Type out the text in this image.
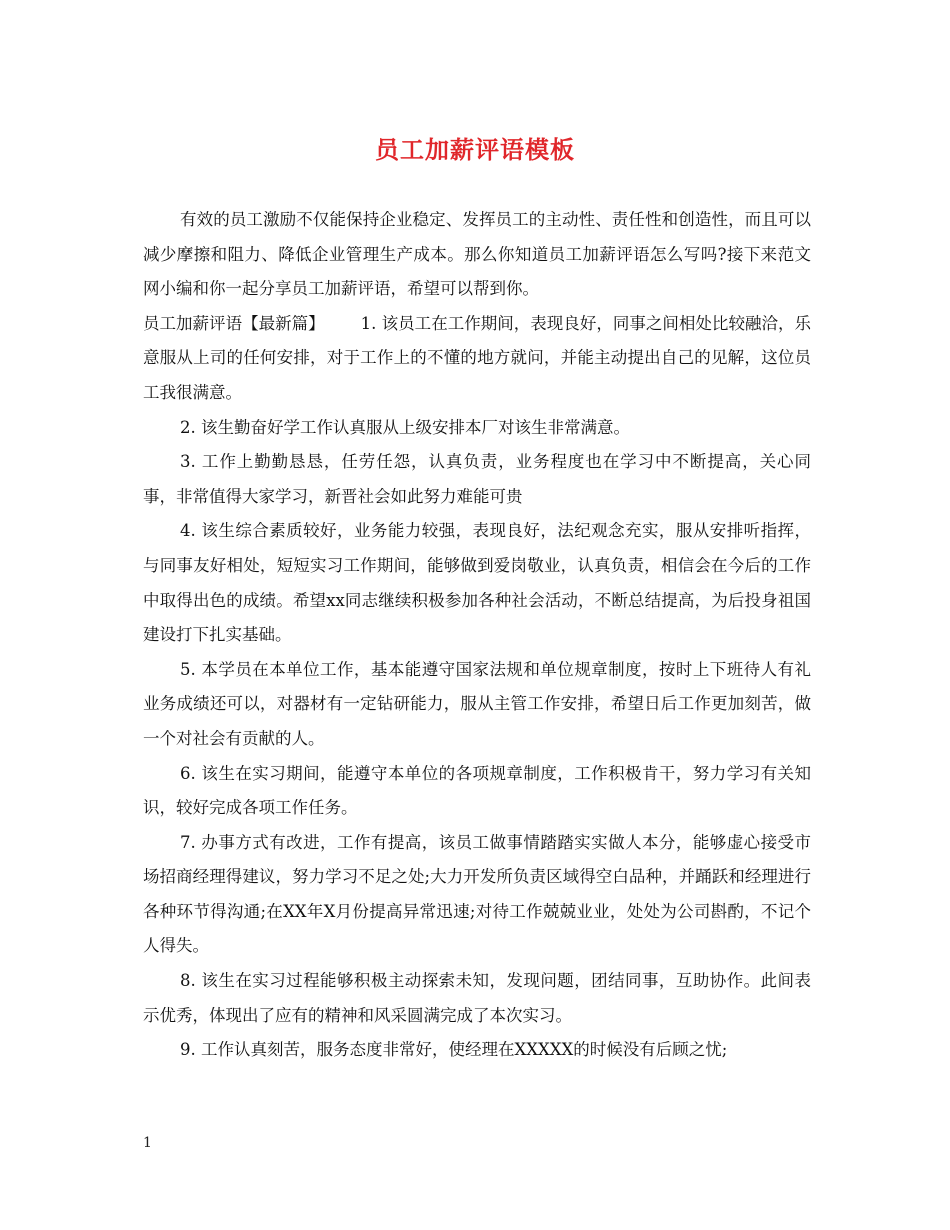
员工加薪评语模板

有效的员工激励不仅能保持企业稳定、发挥员工的主动性、责任性和创造性，而且可以减少摩擦和阻力、降低企业管理生产成本。那么你知道员工加薪评语怎么写吗?接下来范文网小编和你一起分享员工加薪评语，希望可以帮到你。

员工加薪评语【最新篇】 1. 该员工在工作期间，表现良好，同事之间相处比较融洽，乐意服从上司的任何安排，对于工作上的不懂的地方就问，并能主动提出自己的见解，这位员工我很满意。

2. 该生勤奋好学工作认真服从上级安排本厂对该生非常满意。

3. 工作上勤勤恳恳，任劳任怨，认真负责，业务程度也在学习中不断提高，关心同事，非常值得大家学习，新晋社会如此努力难能可贵

4. 该生综合素质较好，业务能力较强，表现良好，法纪观念充实，服从安排听指挥，与同事友好相处，短短实习工作期间，能够做到爱岗敬业，认真负责，相信会在今后的工作中取得出色的成绩。希望xx同志继续积极参加各种社会活动，不断总结提高，为后投身祖国建设打下扎实基础。

5. 本学员在本单位工作，基本能遵守国家法规和单位规章制度，按时上下班待人有礼业务成绩还可以，对器材有一定钻研能力，服从主管工作安排，希望日后工作更加刻苦，做一个对社会有贡献的人。

6. 该生在实习期间，能遵守本单位的各项规章制度，工作积极肯干，努力学习有关知识，较好完成各项工作任务。

7. 办事方式有改进，工作有提高，该员工做事情踏踏实实做人本分，能够虚心接受市场招商经理得建议，努力学习不足之处;大力开发所负责区域得空白品种，并踊跃和经理进行各种环节得沟通;在XX年X月份提高异常迅速;对待工作兢兢业业，处处为公司斟酌，不记个人得失。

8. 该生在实习过程能够积极主动探索未知，发现问题，团结同事，互助协作。此间表示优秀，体现出了应有的精神和风采圆满完成了本次实习。

9. 工作认真刻苦，服务态度非常好，使经理在XXXXX的时候没有后顾之忧;

1
